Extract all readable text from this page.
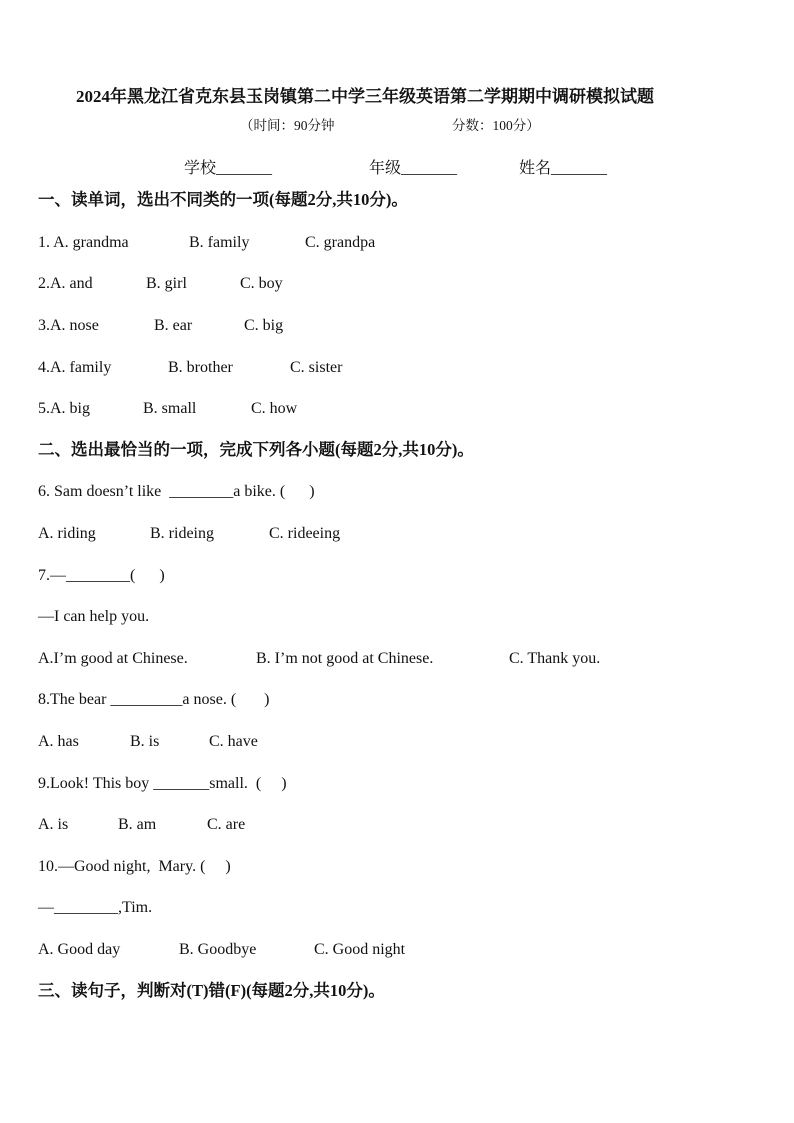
2024年黑龙江省克东县玉岗镇第二中学三年级英语第二学期期中调研模拟试题
（时间：90分钟	分数：100分）
学校_______	年级_______	姓名_______
一、读单词，选出不同类的一项(每题2分,共10分)。
1. A. grandma	B. family	C. grandpa
2.A. and	B. girl	C. boy
3.A. nose	B. ear	C. big
4.A. family	B. brother	C. sister
5.A. big	B. small	C. how
二、选出最恰当的一项，完成下列各小题(每题2分,共10分)。
6. Sam doesn’t like  ________a bike. (      )
A. riding	B. rideing	C. rideeing
7.—________(      )
—I can help you.
A.I’m good at Chinese.	B. I’m not good at Chinese.	C. Thank you.
8.The bear _________a nose. (       )
A. has	B. is	C. have
9.Look! This boy _______small.  (     )
A. is	B. am	C. are
10.—Good night,  Mary. (     )
—________,Tim.
A. Good day	B. Goodbye	C. Good night
三、读句子，判断对(T)错(F)(每题2分,共10分)。
